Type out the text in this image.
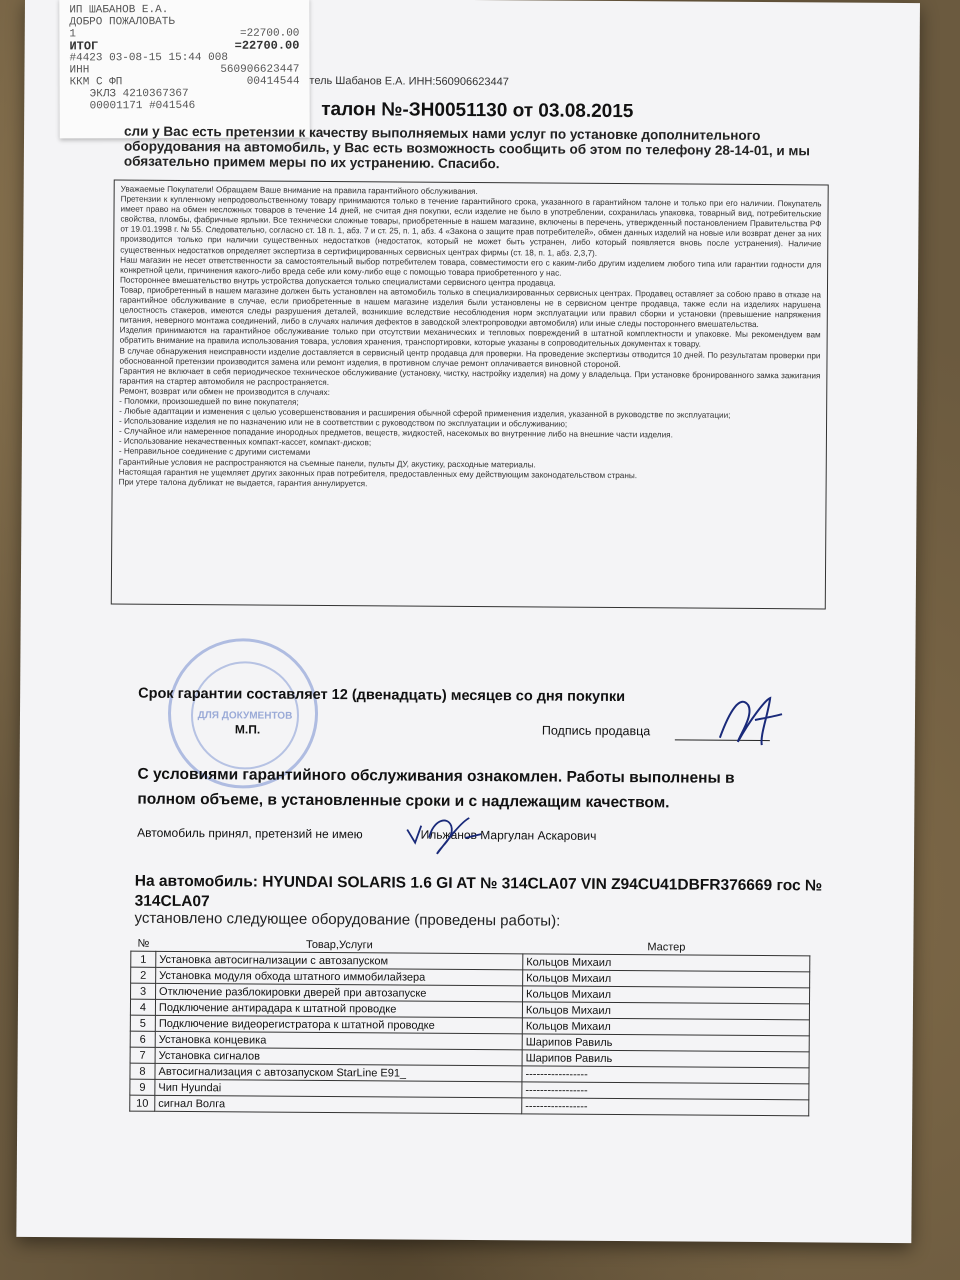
ИП ШАБАНОВ Е.А.
ДОБРО ПОЖАЛОВАТЬ
1	=22700.00
ИТОГ	=22700.00
#4423 03-08-15 15:44 008
ИНН	560906623447
ККМ С ФП	00414544
ЭКЛЗ 4210367367
00001171 #041546
тель Шабанов Е.А. ИНН:560906623447
талон №-ЗН0051130 от 03.08.2015
сли у Вас есть претензии к качеству выполняемых нами услуг по установке дополнительного оборудования на автомобиль, у Вас есть возможность сообщить об этом по телефону 28-14-01, и мы обязательно примем меры по их устранению. Спасибо.

Уважаемые Покупатели! Обращаем Ваше внимание на правила гарантийного обслуживания.

Претензии к купленному непродовольственному товару принимаются только в течение гарантийного срока, указанного в гарантийном талоне и только при его наличии. Покупатель имеет право на обмен несложных товаров в течение 14 дней, не считая дня покупки, если изделие не было в употреблении, сохранилась упаковка, товарный вид, потребительские свойства, пломбы, фабричные ярлыки. Все технически сложные товары, приобретенные в нашем магазине, включены в перечень, утвержденный постановлением Правительства РФ от 19.01.1998 г. № 55. Следовательно, согласно ст. 18 п. 1, абз. 7 и ст. 25, п. 1, абз. 4 «Закона о защите прав потребителей», обмен данных изделий на новые или возврат денег за них производится только при наличии существенных недостатков (недостаток, который не может быть устранен, либо который появляется вновь после устранения). Наличие существенных недостатков определяет экспертиза в сертифицированных сервисных центрах фирмы (ст. 18, п. 1, абз. 2,3,7).

Наш магазин не несет ответственности за самостоятельный выбор потребителем товара, совместимости его с каким-либо другим изделием любого типа или гарантии годности для конкретной цели, причинения какого-либо вреда себе или кому-либо еще с помощью товара приобретенного у нас.

Постороннее вмешательство внутрь устройства допускается только специалистами сервисного центра продавца.

Товар, приобретенный в нашем магазине должен быть установлен на автомобиль только в специализированных сервисных центрах. Продавец оставляет за собою право в отказе на гарантийное обслуживание в случае, если приобретенные в нашем магазине изделия были установлены не в сервисном центре продавца, также если на изделиях нарушена целостность стакеров, имеются следы разрушения деталей, возникшие вследствие несоблюдения норм эксплуатации или правил сборки и установки (превышение напряжения питания, неверного монтажа соединений, либо в случаях наличия дефектов в заводской электропроводки автомобиля) или иные следы постороннего вмешательства.

Изделия принимаются на гарантийное обслуживание только при отсутствии механических и тепловых повреждений в штатной комплектности и упаковке. Мы рекомендуем вам обратить внимание на правила использования товара, условия хранения, транспортировки, которые указаны в сопроводительных документах к товару.

В случае обнаружения неисправности изделие доставляется в сервисный центр продавца для проверки. На проведение экспертизы отводится 10 дней. По результатам проверки при обоснованной претензии производится замена или ремонт изделия, в противном случае ремонт оплачивается виновной стороной.

Гарантия не включает в себя периодическое техническое обслуживание (установку, чистку, настройку изделия) на дому у владельца. При установке бронированного замка зажигания гарантия на стартер автомобиля не распространяется.

Ремонт, возврат или обмен не производится в случаях:

- Поломки, произошедшей по вине покупателя;

- Любые адаптации и изменения с целью усовершенствования и расширения обычной сферой применения изделия, указанной в руководстве по эксплуатации;

- Использование изделия не по назначению или не в соответствии с руководством по эксплуатации и обслуживанию;

- Случайное или намеренное попадание инородных предметов, веществ, жидкостей, насекомых во внутренние либо на внешние части изделия.

- Использование некачественных компакт-кассет, компакт-дисков;

- Неправильное соединение с другими системами

Гарантийные условия не распространяются на съемные панели, пульты ДУ, акустику, расходные материалы.

Настоящая гарантия не ущемляет других законных прав потребителя, предоставленных ему действующим законодательством страны.

При утере талона дубликат не выдается, гарантия аннулируется.

ДЛЯ ДОКУМЕНТОВ
Срок гарантии составляет 12 (двенадцать) месяцев со дня покупки
М.П.	Подпись продавца
С условиями гарантийного обслуживания ознакомлен. Работы выполнены в полном объеме, в установленные сроки и с надлежащим качеством.
Автомобиль принял, претензий не имею	Ильжанов Маргулан Аскарович
На автомобиль: HYUNDAI SOLARIS 1.6 GI AT № 314CLA07 VIN Z94CU41DBFR376669 гос № 314CLA07
установлено следующее оборудование (проведены работы):
№	Товар,Услуги	Мастер
1	Установка автосигнализации с автозапуском	Кольцов Михаил
2	Установка модуля обхода штатного иммобилайзера	Кольцов Михаил
3	Отключение разблокировки дверей при автозапуске	Кольцов Михаил
4	Подключение антирадара к штатной проводке	Кольцов Михаил
5	Подключение видеорегистратора к штатной проводке	Кольцов Михаил
6	Установка концевика	Шарипов Равиль
7	Установка сигналов	Шарипов Равиль
8	Автосигнализация с автозапуском StarLine E91_	-----------------
9	Чип Hyundai	-----------------
10	сигнал Волга	-----------------
